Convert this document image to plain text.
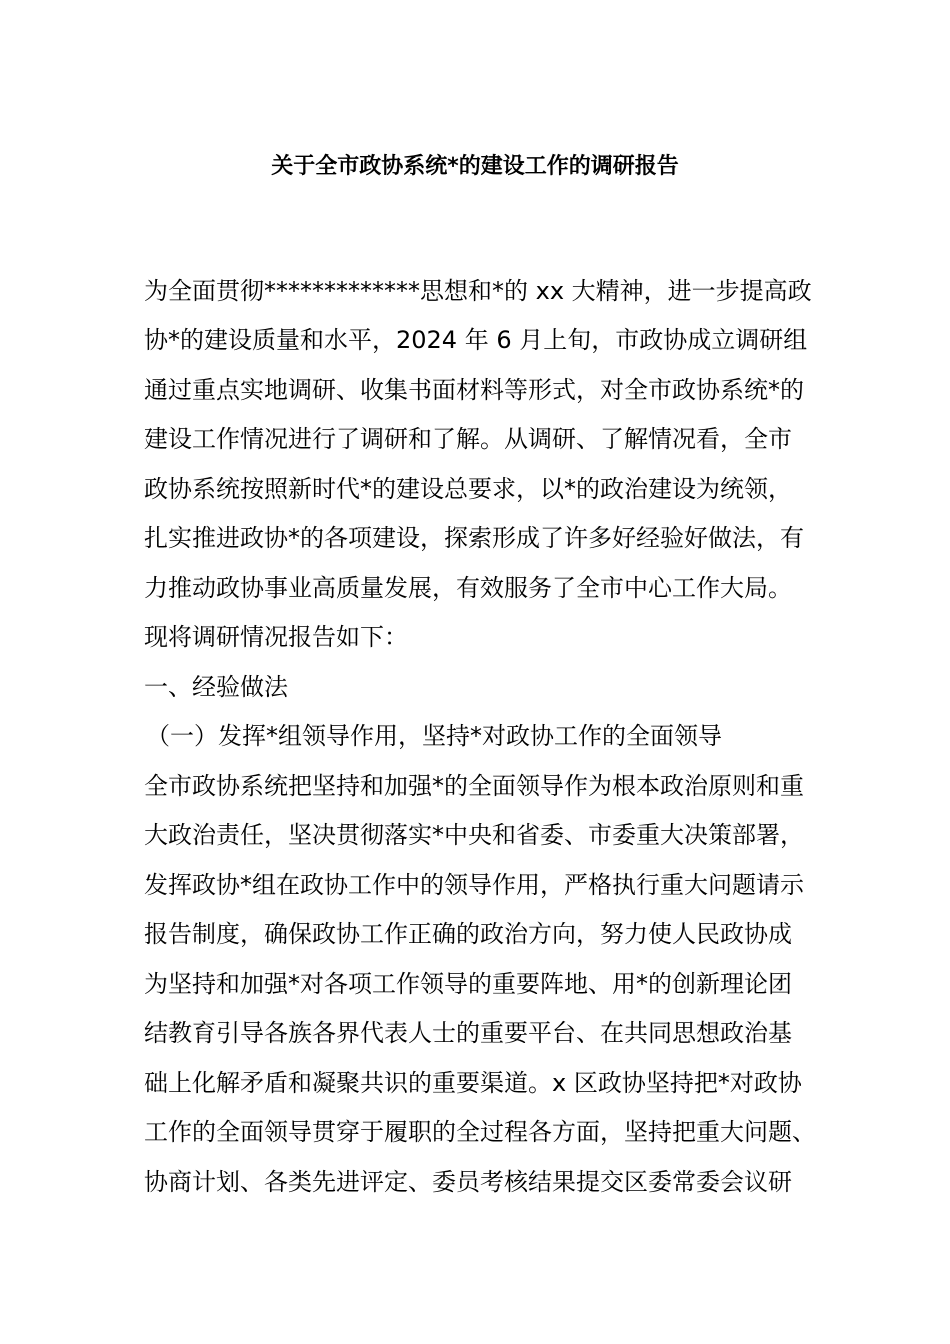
关于全市政协系统*的建设工作的调研报告
为全面贯彻*************思想和*的 xx 大精神，进一步提高政
协*的建设质量和水平，2024 年 6 月上旬，市政协成立调研组
通过重点实地调研、收集书面材料等形式，对全市政协系统*的
建设工作情况进行了调研和了解。从调研、了解情况看，全市
政协系统按照新时代*的建设总要求，以*的政治建设为统领，
扎实推进政协*的各项建设，探索形成了许多好经验好做法，有
力推动政协事业高质量发展，有效服务了全市中心工作大局。
现将调研情况报告如下：
一、经验做法
（一）发挥*组领导作用，坚持*对政协工作的全面领导
全市政协系统把坚持和加强*的全面领导作为根本政治原则和重
大政治责任，坚决贯彻落实*中央和省委、市委重大决策部署，
发挥政协*组在政协工作中的领导作用，严格执行重大问题请示
报告制度，确保政协工作正确的政治方向，努力使人民政协成
为坚持和加强*对各项工作领导的重要阵地、用*的创新理论团
结教育引导各族各界代表人士的重要平台、在共同思想政治基
础上化解矛盾和凝聚共识的重要渠道。x 区政协坚持把*对政协
工作的全面领导贯穿于履职的全过程各方面，坚持把重大问题、
协商计划、各类先进评定、委员考核结果提交区委常委会议研
